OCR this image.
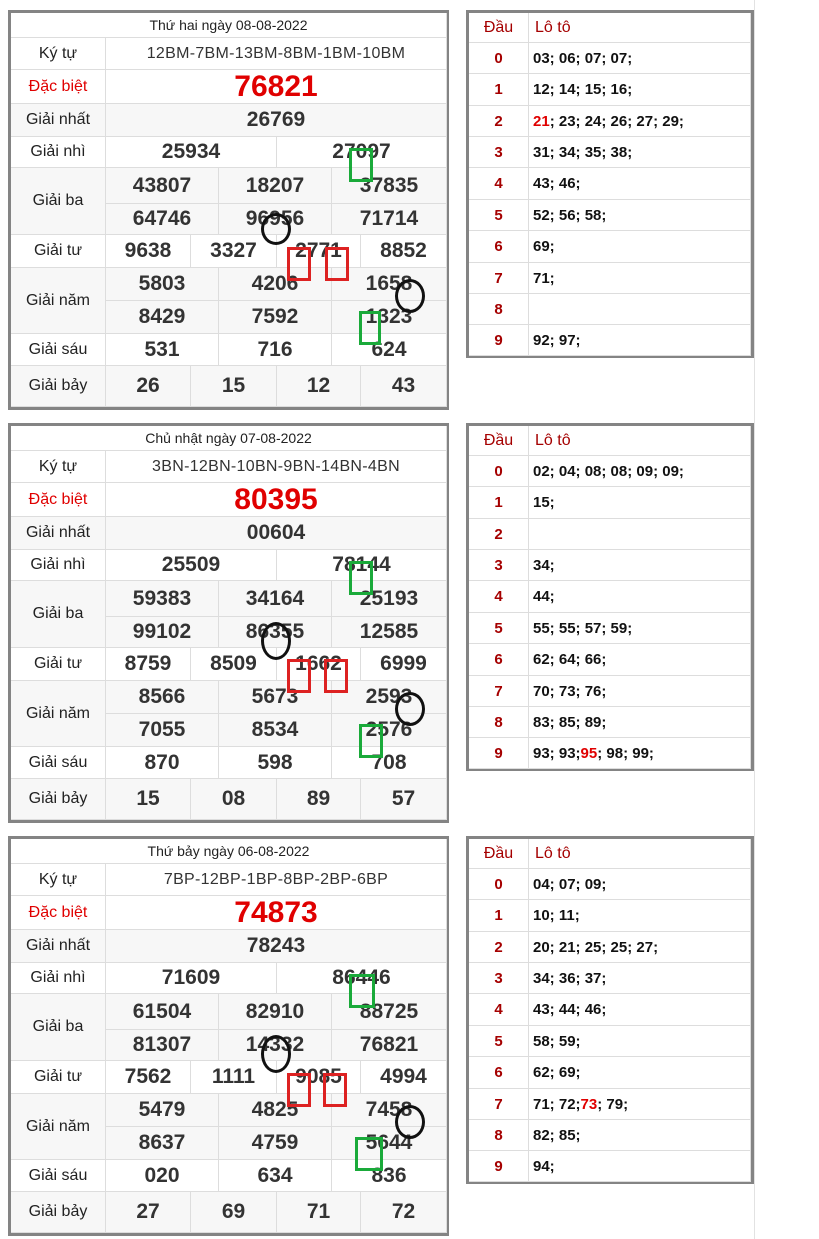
Thứ hai ngày 08-08-2022
Ký tự	12BM-7BM-13BM-8BM-1BM-10BM
Đặc biệt	76821
Giải nhất	26769
Giải nhì	25934	27097
Giải ba
43807	18207	37835
64746	96956	71714
Giải tư	9638	3327	2771	8852
Giải năm
5803	4206	1658
8429	7592	1323
Giải sáu	531	716	624
Giải bảy	26	15	12	43
Đầu	Lô tô
0	03; 06; 07; 07;
1	12; 14; 15; 16;
2	21 ; 23; 24; 26; 27; 29;
3	31; 34; 35; 38;
4	43; 46;
5	52; 56; 58;
6	69;
7	71;
8
9	92; 97;
Chủ nhật ngày 07-08-2022
Ký tự	3BN-12BN-10BN-9BN-14BN-4BN
Đặc biệt	80395
Giải nhất	00604
Giải nhì	25509	78144
Giải ba
59383	34164	25193
99102	86355	12585
Giải tư	8759	8509	1662	6999
Giải năm
8566	5673	2593
7055	8534	2576
Giải sáu	870	598	708
Giải bảy	15	08	89	57
Đầu	Lô tô
0	02; 04; 08; 08; 09; 09;
1	15;
2
3	34;
4	44;
5	55; 55; 57; 59;
6	62; 64; 66;
7	70; 73; 76;
8	83; 85; 89;
9	93; 93; 95 ; 98; 99;
Thứ bảy ngày 06-08-2022
Ký tự	7BP-12BP-1BP-8BP-2BP-6BP
Đặc biệt	74873
Giải nhất	78243
Giải nhì	71609	86446
Giải ba
61504	82910	88725
81307	14332	76821
Giải tư	7562	1111	9085	4994
Giải năm
5479	4825	7458
8637	4759	5644
Giải sáu	020	634	836
Giải bảy	27	69	71	72
Đầu	Lô tô
0	04; 07; 09;
1	10; 11;
2	20; 21; 25; 25; 27;
3	34; 36; 37;
4	43; 44; 46;
5	58; 59;
6	62; 69;
7	71; 72; 73 ; 79;
8	82; 85;
9	94;
